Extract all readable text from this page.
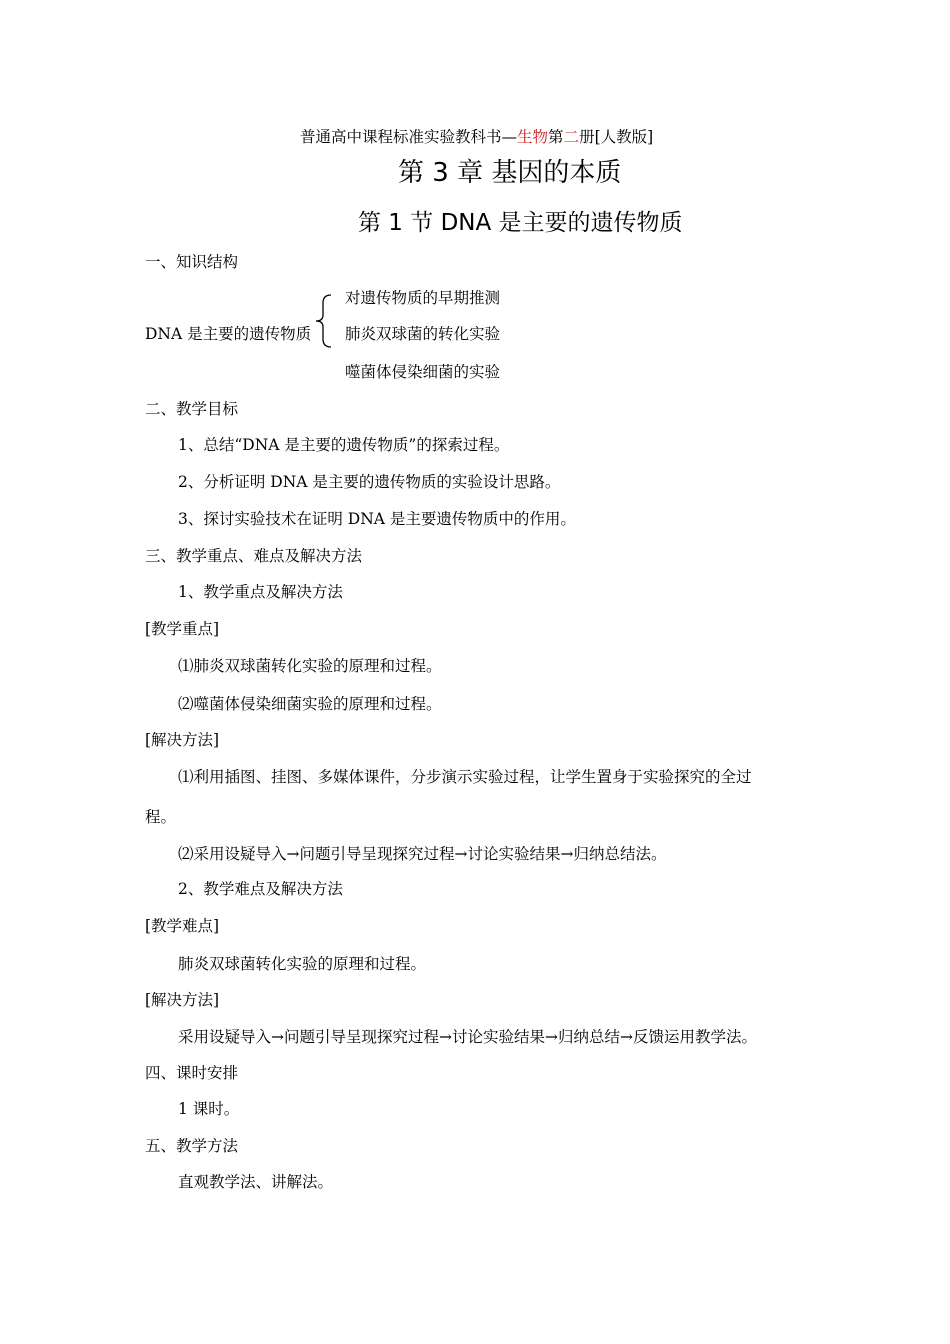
普通高中课程标准实验教科书—生物第二册[人教版]
第 3 章 基因的本质
第 1 节 DNA 是主要的遗传物质
一、知识结构
DNA 是主要的遗传物质
对遗传物质的早期推测
肺炎双球菌的转化实验
噬菌体侵染细菌的实验
二、教学目标
1、总结“DNA 是主要的遗传物质”的探索过程。
2、分析证明 DNA 是主要的遗传物质的实验设计思路。
3、探讨实验技术在证明 DNA 是主要遗传物质中的作用。
三、教学重点、难点及解决方法
1、教学重点及解决方法
[教学重点]
⑴肺炎双球菌转化实验的原理和过程。
⑵噬菌体侵染细菌实验的原理和过程。
[解决方法]
⑴利用插图、挂图、多媒体课件，分步演示实验过程，让学生置身于实验探究的全过
程。
⑵采用设疑导入→问题引导呈现探究过程→讨论实验结果→归纳总结法。
2、教学难点及解决方法
[教学难点]
肺炎双球菌转化实验的原理和过程。
[解决方法]
采用设疑导入→问题引导呈现探究过程→讨论实验结果→归纳总结→反馈运用教学法。
四、课时安排
1 课时。
五、教学方法
直观教学法、讲解法。
